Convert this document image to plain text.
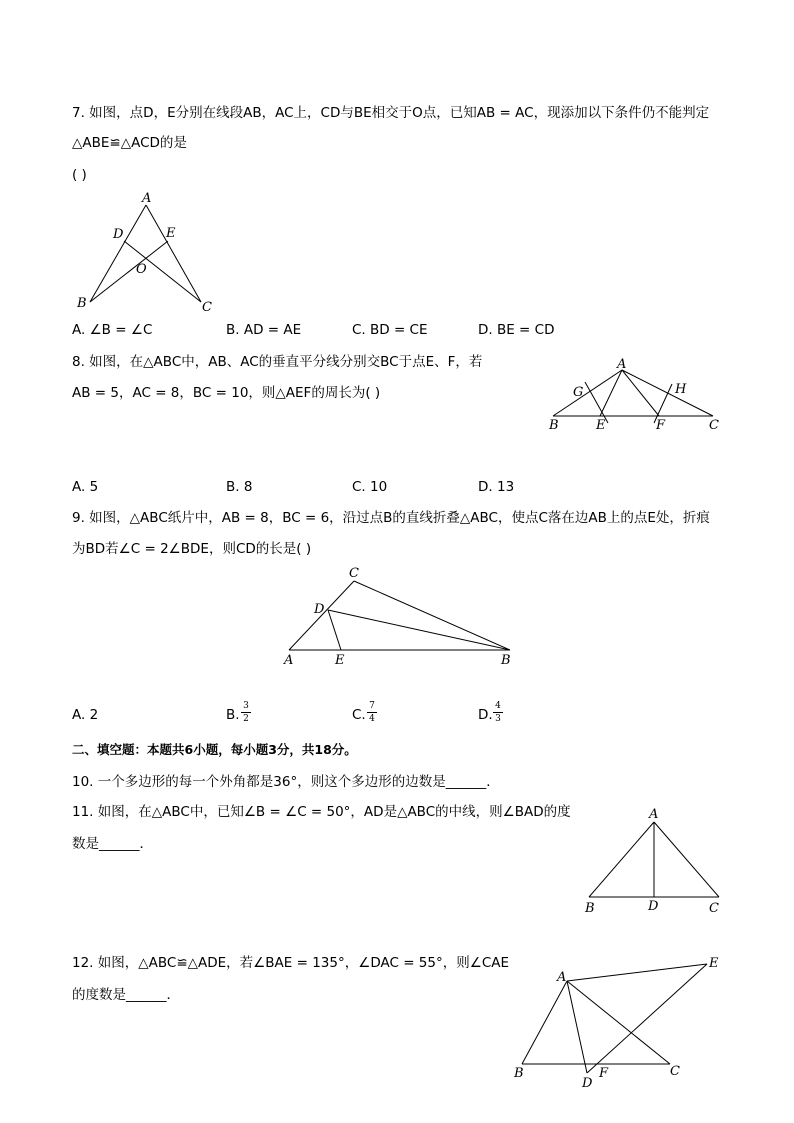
7. 如图，点D，E分别在线段AB，AC上，CD与BE相交于O点，已知AB = AC，现添加以下条件仍不能判定
△ABE≌△ACD的是
( )
A
D	E
O
B	C
A. ∠B = ∠C	B. AD = AE	C. BD = CE	D. BE = CD
8. 如图，在△ABC中，AB、AC的垂直平分线分别交BC于点E、F，若
AB = 5，AC = 8，BC = 10，则△AEF的周长为( )
A
G	H
B	E	F	C
A. 5	B. 8	C. 10	D. 13
9. 如图，△ABC纸片中，AB = 8，BC = 6，沿过点B的直线折叠△ABC，使点C落在边AB上的点E处，折痕
为BD若∠C = 2∠BDE，则CD的长是( )
C
D
A	E	B
A. 2	B.
3
2	C.
7
4	D.
4
3
二、填空题：本题共6小题，每小题3分，共18分。
10. 一个多边形的每一个外角都是36°，则这个多边形的边数是______．
11. 如图，在△ABC中，已知∠B = ∠C = 50°，AD是△ABC的中线，则∠BAD的度
数是______．
A
B	D	C
12. 如图，△ABC≌△ADE，若∠BAE = 135°，∠DAC = 55°，则∠CAE
的度数是______．
A
E
B	F	C
D
